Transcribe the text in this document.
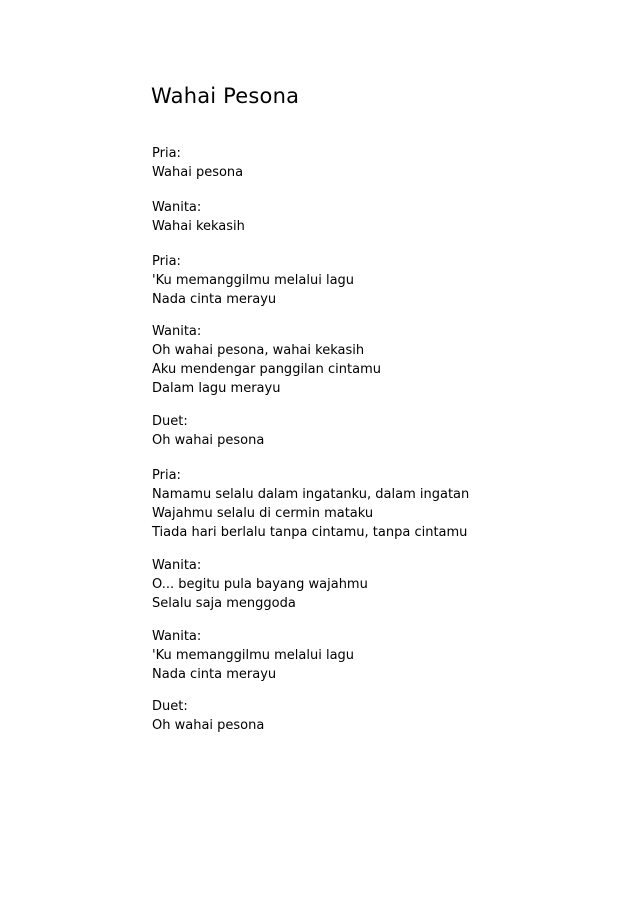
Wahai Pesona
Pria:
Wahai pesona
Wanita:
Wahai kekasih
Pria:
'Ku memanggilmu melalui lagu
Nada cinta merayu
Wanita:
Oh wahai pesona, wahai kekasih
Aku mendengar panggilan cintamu
Dalam lagu merayu
Duet:
Oh wahai pesona
Pria:
Namamu selalu dalam ingatanku, dalam ingatan
Wajahmu selalu di cermin mataku
Tiada hari berlalu tanpa cintamu, tanpa cintamu
Wanita:
O... begitu pula bayang wajahmu
Selalu saja menggoda
Wanita:
'Ku memanggilmu melalui lagu
Nada cinta merayu
Duet:
Oh wahai pesona
